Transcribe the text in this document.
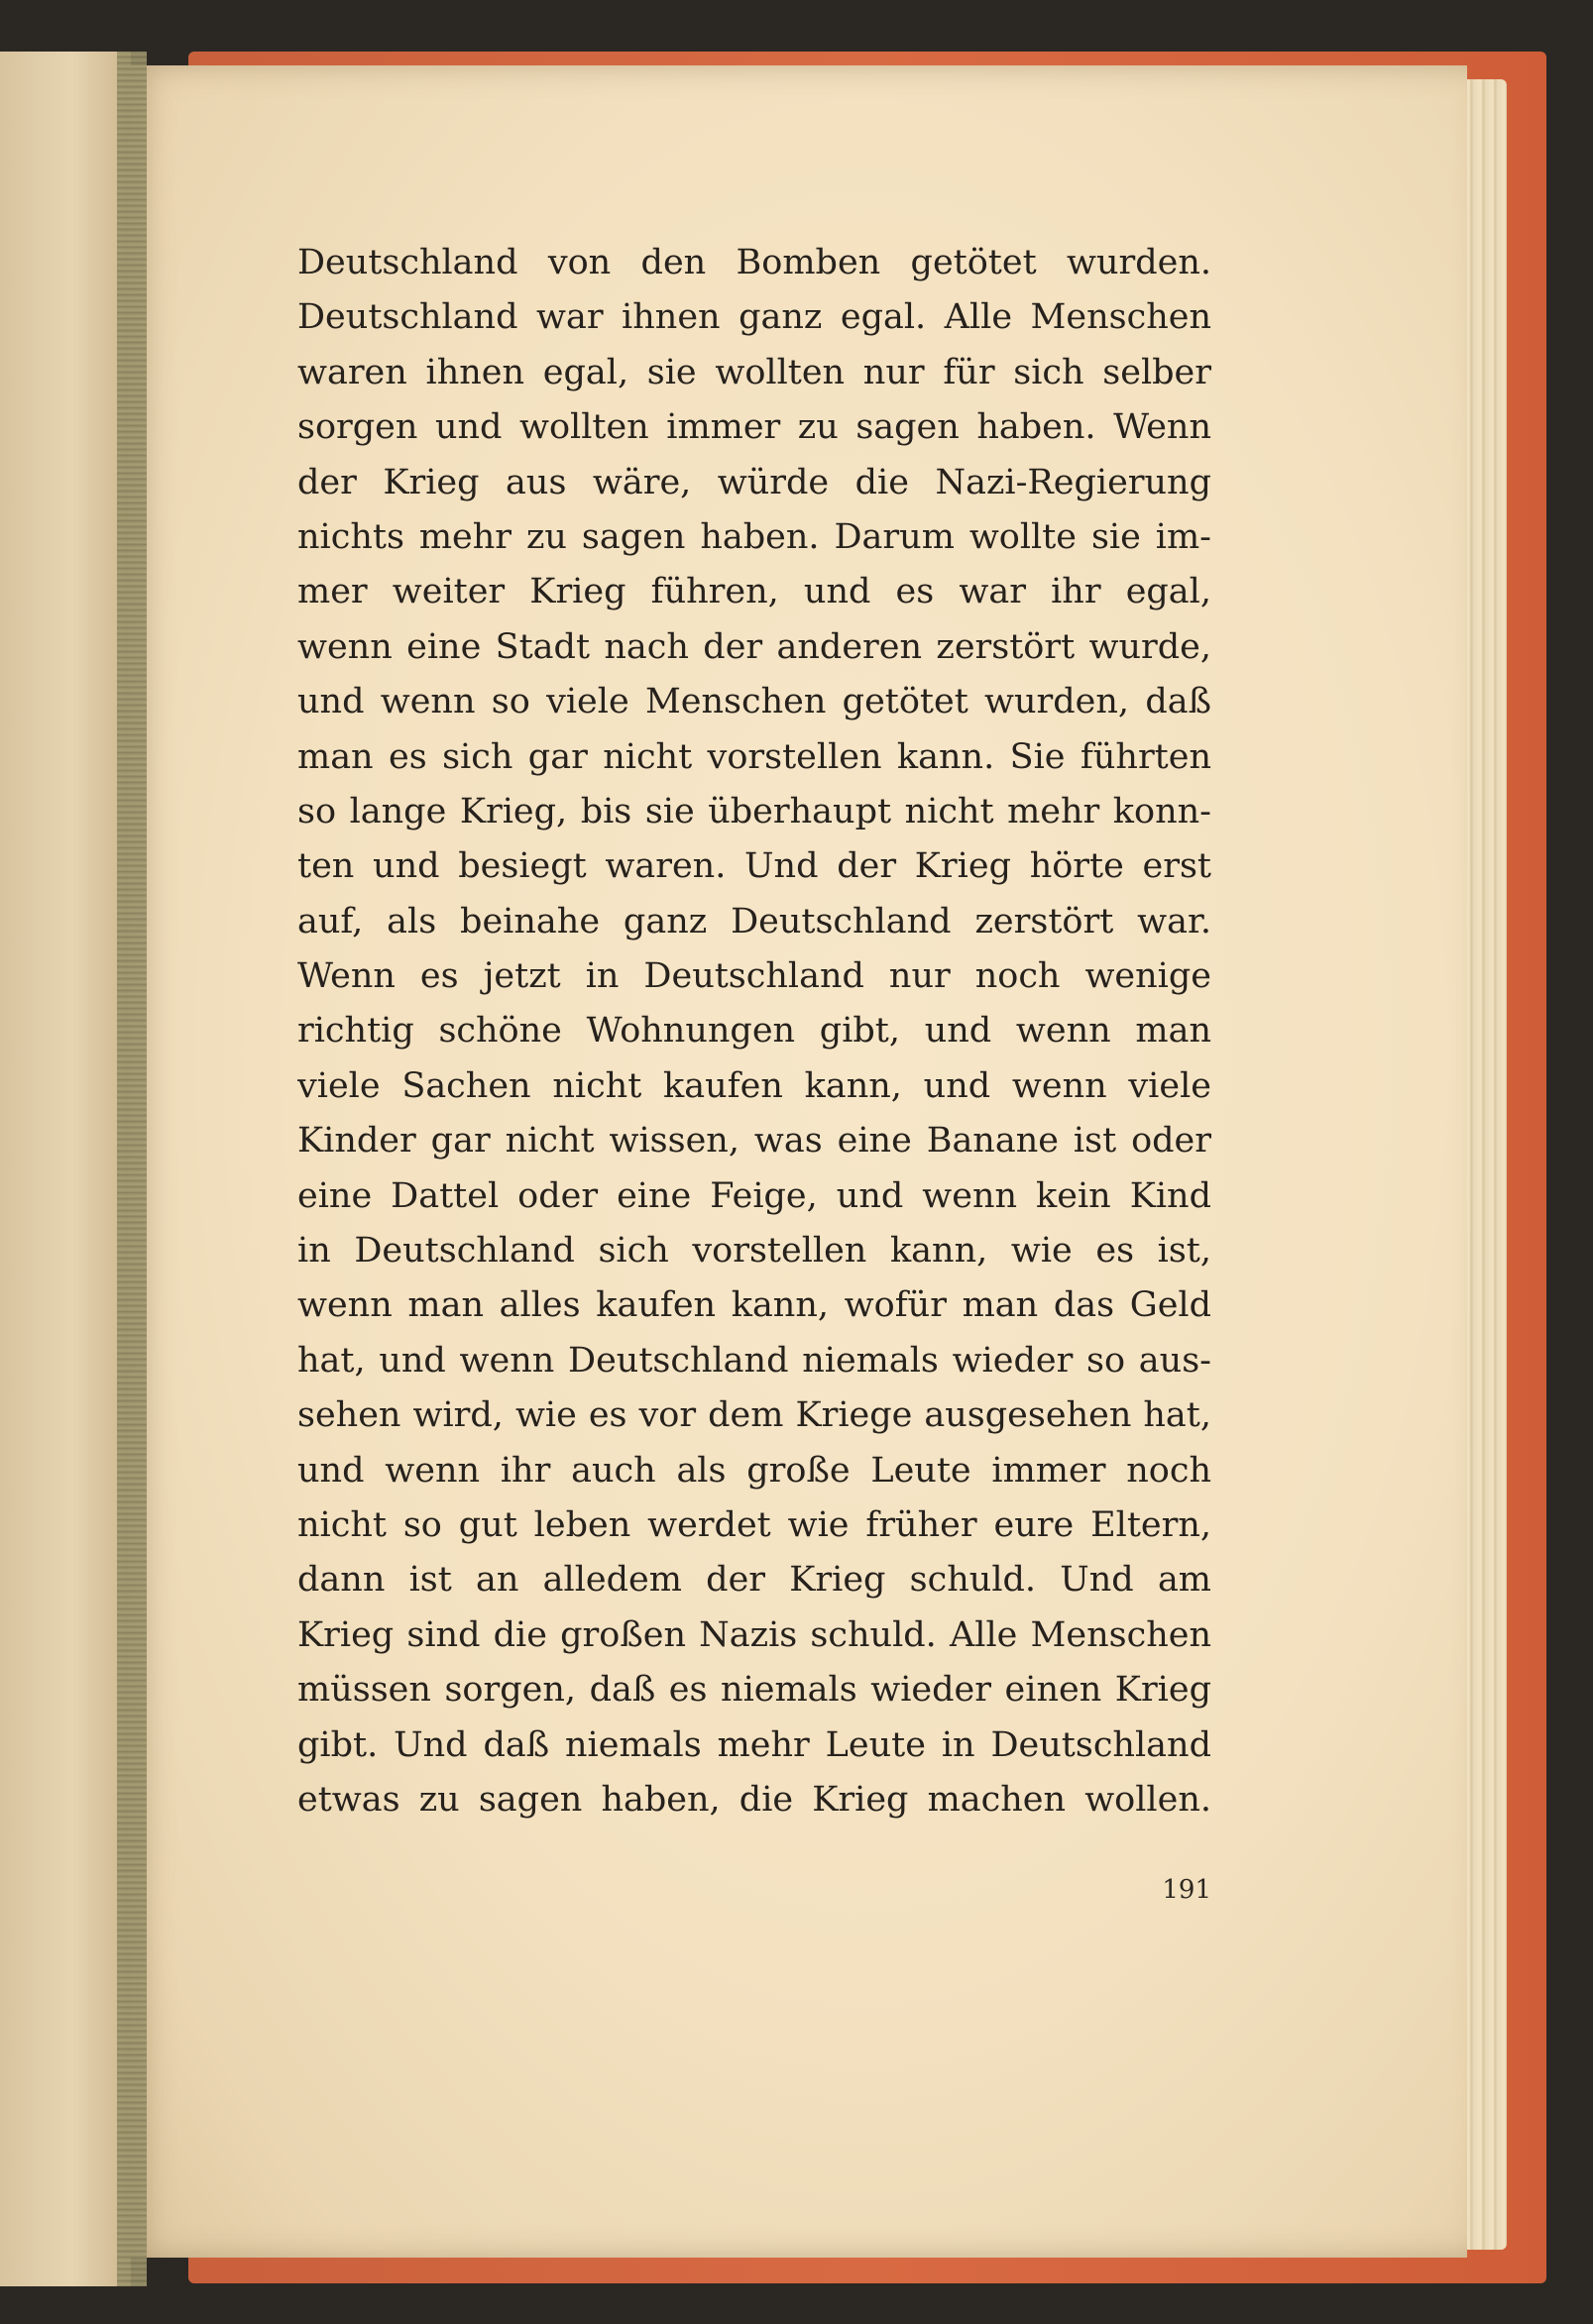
Deutschland von den Bomben getötet wurden.
Deutschland war ihnen ganz egal. Alle Menschen
waren ihnen egal, sie wollten nur für sich selber
sorgen und wollten immer zu sagen haben. Wenn
der Krieg aus wäre, würde die Nazi-Regierung
nichts mehr zu sagen haben. Darum wollte sie im-
mer weiter Krieg führen, und es war ihr egal,
wenn eine Stadt nach der anderen zerstört wurde,
und wenn so viele Menschen getötet wurden, daß
man es sich gar nicht vorstellen kann. Sie führten
so lange Krieg, bis sie überhaupt nicht mehr konn-
ten und besiegt waren. Und der Krieg hörte erst
auf, als beinahe ganz Deutschland zerstört war.
Wenn es jetzt in Deutschland nur noch wenige
richtig schöne Wohnungen gibt, und wenn man
viele Sachen nicht kaufen kann, und wenn viele
Kinder gar nicht wissen, was eine Banane ist oder
eine Dattel oder eine Feige, und wenn kein Kind
in Deutschland sich vorstellen kann, wie es ist,
wenn man alles kaufen kann, wofür man das Geld
hat, und wenn Deutschland niemals wieder so aus-
sehen wird, wie es vor dem Kriege ausgesehen hat,
und wenn ihr auch als große Leute immer noch
nicht so gut leben werdet wie früher eure Eltern,
dann ist an alledem der Krieg schuld. Und am
Krieg sind die großen Nazis schuld. Alle Menschen
müssen sorgen, daß es niemals wieder einen Krieg
gibt. Und daß niemals mehr Leute in Deutschland
etwas zu sagen haben, die Krieg machen wollen.
191
